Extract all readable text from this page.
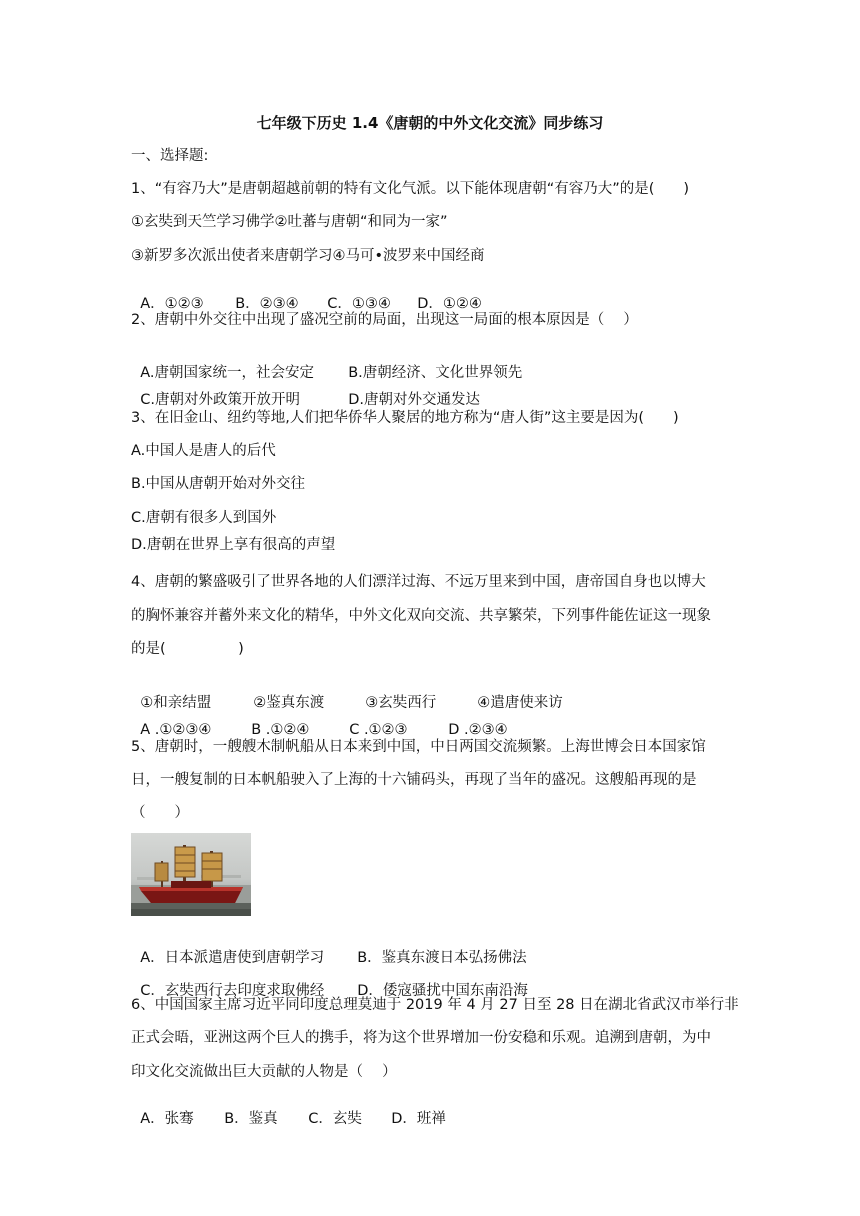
七年级下历史 1.4《唐朝的中外文化交流》同步练习
一、选择题:
1、“有容乃大”是唐朝超越前朝的特有文化气派。以下能体现唐朝“有容乃大”的是(　　)
①玄奘到天竺学习佛学②吐蕃与唐朝“和同为一家”
③新罗多次派出使者来唐朝学习④马可•波罗来中国经商

A．①②③ B．②③④ C．①③④ D．①②④

2、唐朝中外交往中出现了盛况空前的局面，出现这一局面的根本原因是（　 ）

A.唐朝国家统一，社会安定 B.唐朝经济、文化世界领先

C.唐朝对外政策开放开明	D.唐朝对外交通发达

3、在旧金山、纽约等地,人们把华侨华人聚居的地方称为“唐人街”这主要是因为(　　)
A.中国人是唐人的后代
B.中国从唐朝开始对外交往
C.唐朝有很多人到国外
D.唐朝在世界上享有很高的声望
4、唐朝的繁盛吸引了世界各地的人们漂洋过海、不远万里来到中国，唐帝国自身也以博大
的胸怀兼容并蓄外来文化的精华，中外文化双向交流、共享繁荣，下列事件能佐证这一现象
的是(　　　　　)

①和亲结盟	②鉴真东渡	③玄奘西行	④遣唐使来访

A .①②③④	B .①②④	C .①②③	D .②③④

5、唐朝时，一艘艘木制帆船从日本来到中国，中日两国交流频繁。上海世博会日本国家馆
日，一艘复制的日本帆船驶入了上海的十六铺码头，再现了当年的盛况。这艘船再现的是
（　　）

A．日本派遣唐使到唐朝学习 B．鉴真东渡日本弘扬佛法

C．玄奘西行去印度求取佛经 D．倭寇骚扰中国东南沿海

6、中国国家主席习近平同印度总理莫迪于 2019 年 4 月 27 日至 28 日在湖北省武汉市举行非
正式会晤，亚洲这两个巨人的携手，将为这个世界增加一份安稳和乐观。追溯到唐朝，为中
印文化交流做出巨大贡献的人物是（　 ）

A．张骞 B．鉴真 C．玄奘 D．班禅
